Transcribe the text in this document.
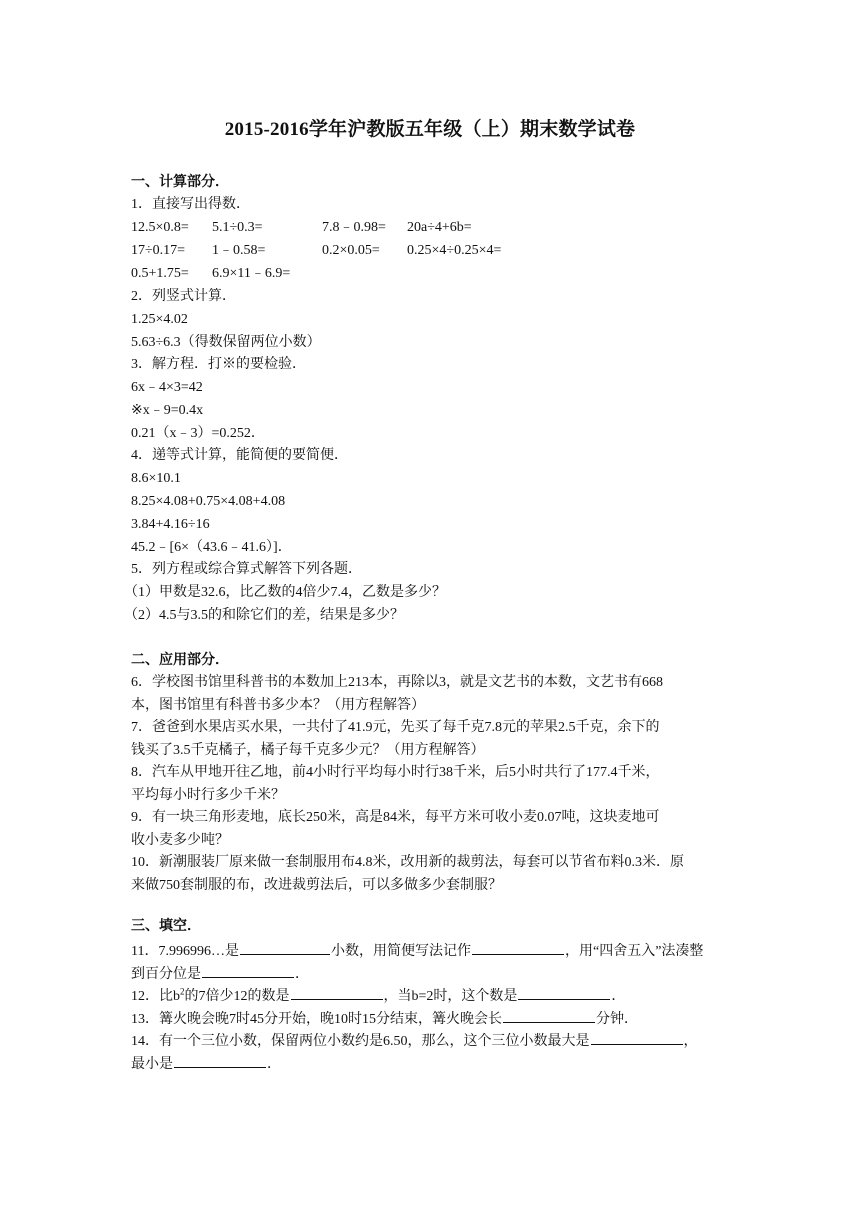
2015-2016学年沪教版五年级（上）期末数学试卷
一、计算部分．
1．直接写出得数．
12.5×0.8= 5.1÷0.3=	7.8﹣0.98= 20a÷4+6b=
17÷0.17= 1﹣0.58=	0.2×0.05= 0.25×4÷0.25×4=
0.5+1.75= 6.9×11﹣6.9=
2．列竖式计算．
1.25×4.02
5.63÷6.3（得数保留两位小数）
3．解方程．打※的要检验．
6x﹣4×3=42
※x﹣9=0.4x
0.21（x﹣3）=0.252．
4．递等式计算，能简便的要简便．
8.6×10.1
8.25×4.08+0.75×4.08+4.08
3.84+4.16÷16
45.2﹣[6×（43.6﹣41.6）]．
5．列方程或综合算式解答下列各题．
（1）甲数是32.6，比乙数的4倍少7.4，乙数是多少？
（2）4.5与3.5的和除它们的差，结果是多少？
二、应用部分．
6．学校图书馆里科普书的本数加上213本，再除以3，就是文艺书的本数，文艺书有668
本，图书馆里有科普书多少本？（用方程解答）
7．爸爸到水果店买水果，一共付了41.9元，先买了每千克7.8元的苹果2.5千克，余下的
钱买了3.5千克橘子，橘子每千克多少元？（用方程解答）
8．汽车从甲地开往乙地，前4小时行平均每小时行38千米，后5小时共行了177.4千米，
平均每小时行多少千米？
9．有一块三角形麦地，底长250米，高是84米，每平方米可收小麦0.07吨，这块麦地可
收小麦多少吨？
10．新潮服装厂原来做一套制服用布4.8米，改用新的裁剪法，每套可以节省布料0.3米．原
来做750套制服的布，改进裁剪法后，可以多做多少套制服？
三、填空．
11．7.996996…是	小数，用简便写法记作	，用“四舍五入”法凑整
到百分位是	．
12．比$b^2$的7倍少12的数是	，当b=2时，这个数是	．
13．篝火晚会晚7时45分开始，晚10时15分结束，篝火晚会长	分钟．
14．有一个三位小数，保留两位小数约是6.50，那么，这个三位小数最大是	，
最小是	．
